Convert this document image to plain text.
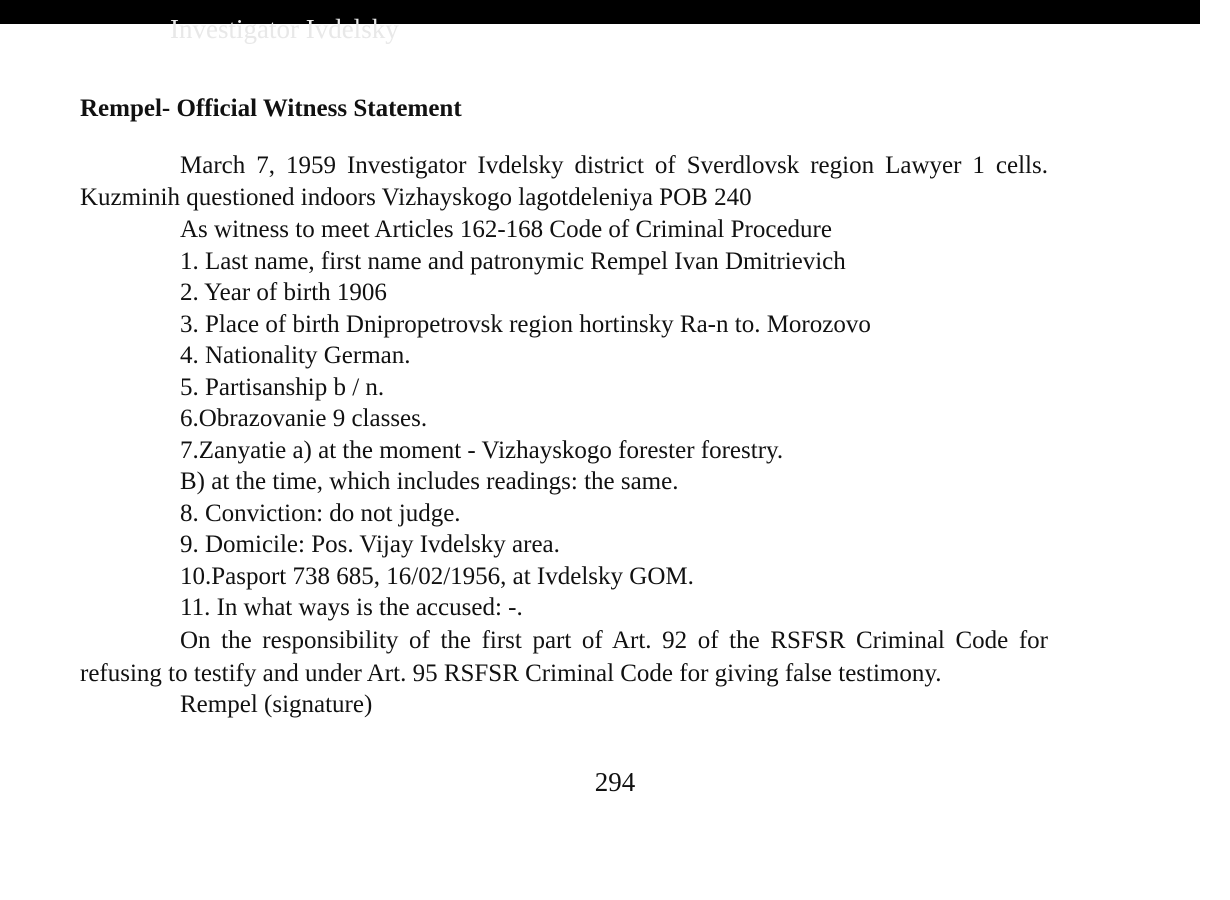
Investigator Ivdelsky
Rempel- Official Witness Statement

March 7, 1959 Investigator Ivdelsky district of Sverdlovsk region Lawyer 1 cells. Kuzminih questioned indoors Vizhayskogo lagotdeleniya POB 240

As witness to meet Articles 162-168 Code of Criminal Procedure
1. Last name, first name and patronymic Rempel Ivan Dmitrievich
2. Year of birth 1906
3. Place of birth Dnipropetrovsk region hortinsky Ra-n to. Morozovo
4. Nationality German.
5. Partisanship b / n.
6.Obrazovanie 9 classes.
7.Zanyatie a) at the moment - Vizhayskogo forester forestry.
B) at the time, which includes readings: the same.
8. Conviction: do not judge.
9. Domicile: Pos. Vijay Ivdelsky area.
10.Pasport 738 685, 16/02/1956, at Ivdelsky GOM.
11. In what ways is the accused: -.

On the responsibility of the first part of Art. 92 of the RSFSR Criminal Code for refusing to testify and under Art. 95 RSFSR Criminal Code for giving false testimony.

Rempel (signature)
294
